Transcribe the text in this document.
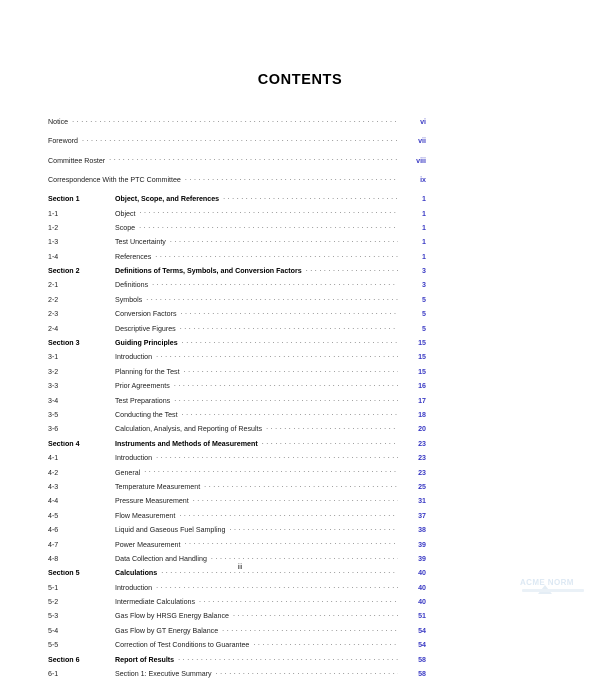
CONTENTS
Notice . . .	vi
Foreword . . .	vii
Committee Roster . . .	viii
Correspondence With the PTC Committee . . .	ix
Section 1	Object, Scope, and References . . .	1
1-1	Object . . .	1
1-2	Scope . . .	1
1-3	Test Uncertainty . . .	1
1-4	References . . .	1
Section 2	Definitions of Terms, Symbols, and Conversion Factors . . .	3
2-1	Definitions . . .	3
2-2	Symbols . . .	5
2-3	Conversion Factors . . .	5
2-4	Descriptive Figures . . .	5
Section 3	Guiding Principles . . .	15
3-1	Introduction . . .	15
3-2	Planning for the Test . . .	15
3-3	Prior Agreements . . .	16
3-4	Test Preparations . . .	17
3-5	Conducting the Test . . .	18
3-6	Calculation, Analysis, and Reporting of Results . . .	20
Section 4	Instruments and Methods of Measurement . . .	23
4-1	Introduction . . .	23
4-2	General . . .	23
4-3	Temperature Measurement . . .	25
4-4	Pressure Measurement . . .	31
4-5	Flow Measurement . . .	37
4-6	Liquid and Gaseous Fuel Sampling . . .	38
4-7	Power Measurement . . .	39
4-8	Data Collection and Handling . . .	39
Section 5	Calculations . . .	40
5-1	Introduction . . .	40
5-2	Intermediate Calculations . . .	40
5-3	Gas Flow by HRSG Energy Balance . . .	51
5-4	Gas Flow by GT Energy Balance . . .	54
5-5	Correction of Test Conditions to Guarantee . . .	54
Section 6	Report of Results . . .	58
6-1	Section 1: Executive Summary . . .	58
iii
ACME NORM
